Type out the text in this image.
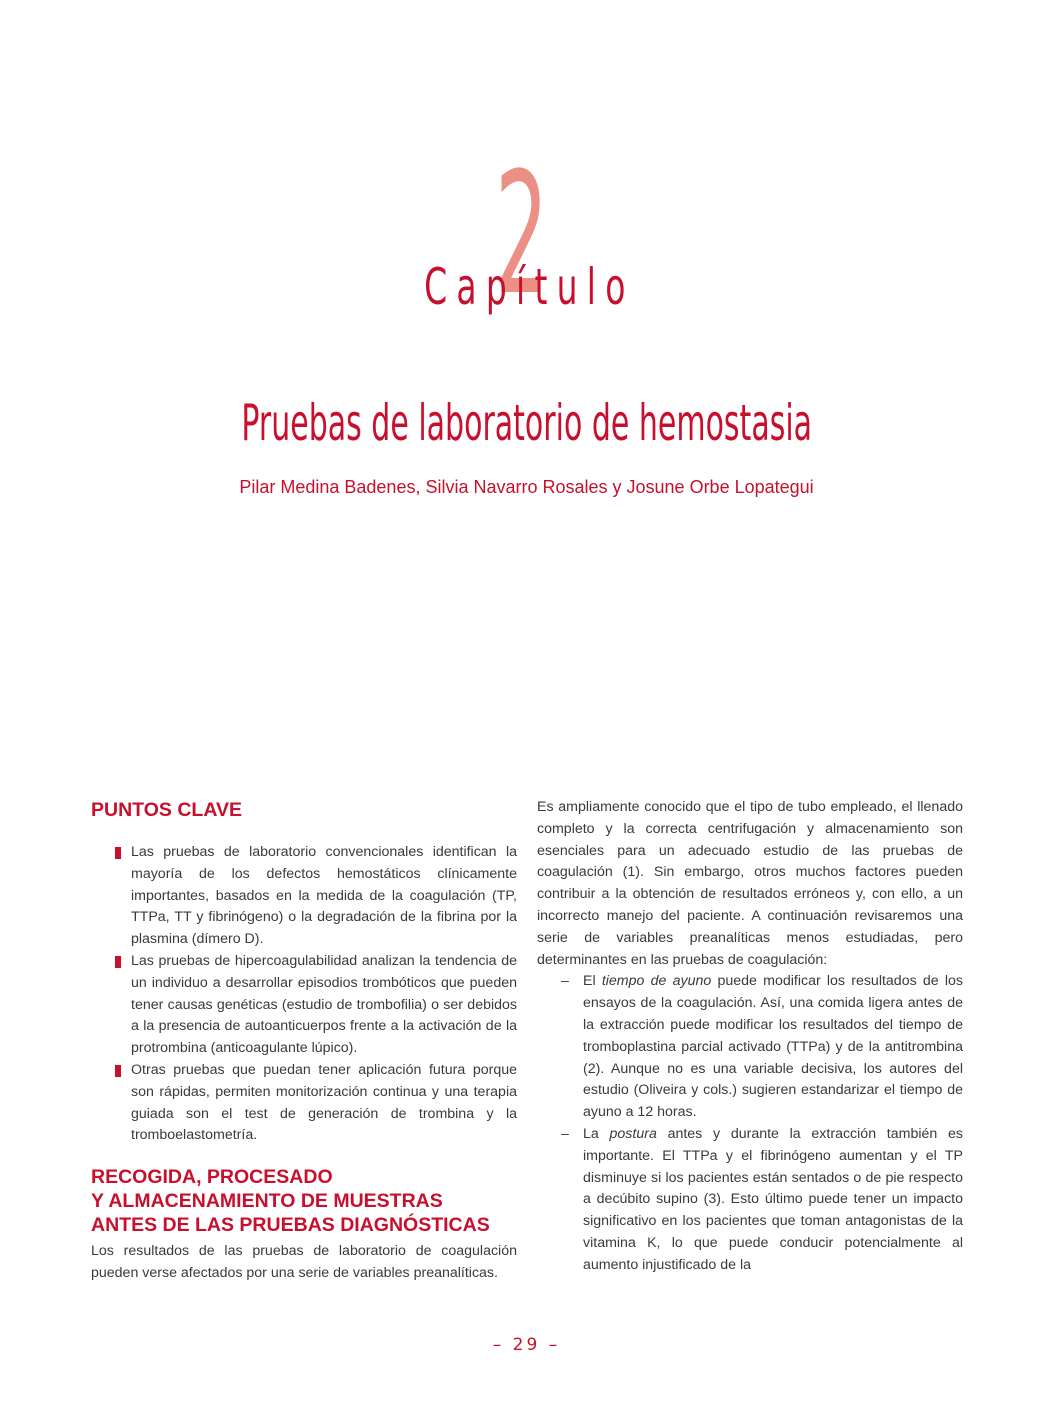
2
Capítulo
Pruebas de laboratorio de hemostasia
Pilar Medina Badenes, Silvia Navarro Rosales y Josune Orbe Lopategui
PUNTOS CLAVE
Las pruebas de laboratorio convencionales identifican la mayoría de los defectos hemostáticos clínicamente importantes, basados en la medida de la coagulación (TP, TTPa, TT y fibrinógeno) o la degradación de la fibrina por la plasmina (dímero D).
Las pruebas de hipercoagulabilidad analizan la tendencia de un individuo a desarrollar episodios trombóticos que pueden tener causas genéticas (estudio de trombofilia) o ser debidos a la presencia de autoanticuerpos frente a la activación de la protrombina (anticoagulante lúpico).
Otras pruebas que puedan tener aplicación futura porque son rápidas, permiten monitorización continua y una terapia guiada son el test de generación de trombina y la tromboelastometría.
RECOGIDA, PROCESADO
Y ALMACENAMIENTO DE MUESTRAS
ANTES DE LAS PRUEBAS DIAGNÓSTICAS

Los resultados de las pruebas de laboratorio de coagulación pueden verse afectados por una serie de variables preanalíticas.

Es ampliamente conocido que el tipo de tubo empleado, el llenado completo y la correcta centrifugación y almacenamiento son esenciales para un adecuado estudio de las pruebas de coagulación (1). Sin embargo, otros muchos factores pueden contribuir a la obtención de resultados erróneos y, con ello, a un incorrecto manejo del paciente. A continuación revisaremos una serie de variables preanalíticas menos estudiadas, pero determinantes en las pruebas de coagulación:

– El tiempo de ayuno puede modificar los resultados de los ensayos de la coagulación. Así, una comida ligera antes de la extracción puede modificar los resultados del tiempo de tromboplastina parcial activado (TTPa) y de la antitrombina (2). Aunque no es una variable decisiva, los autores del estudio (Oliveira y cols.) sugieren estandarizar el tiempo de ayuno a 12 horas.
– La postura antes y durante la extracción también es importante. El TTPa y el fibrinógeno aumentan y el TP disminuye si los pacientes están sentados o de pie respecto a decúbito supino (3). Esto último puede tener un impacto significativo en los pacientes que toman antagonistas de la vitamina K, lo que puede conducir potencialmente al aumento injustificado de la
– 29 –
